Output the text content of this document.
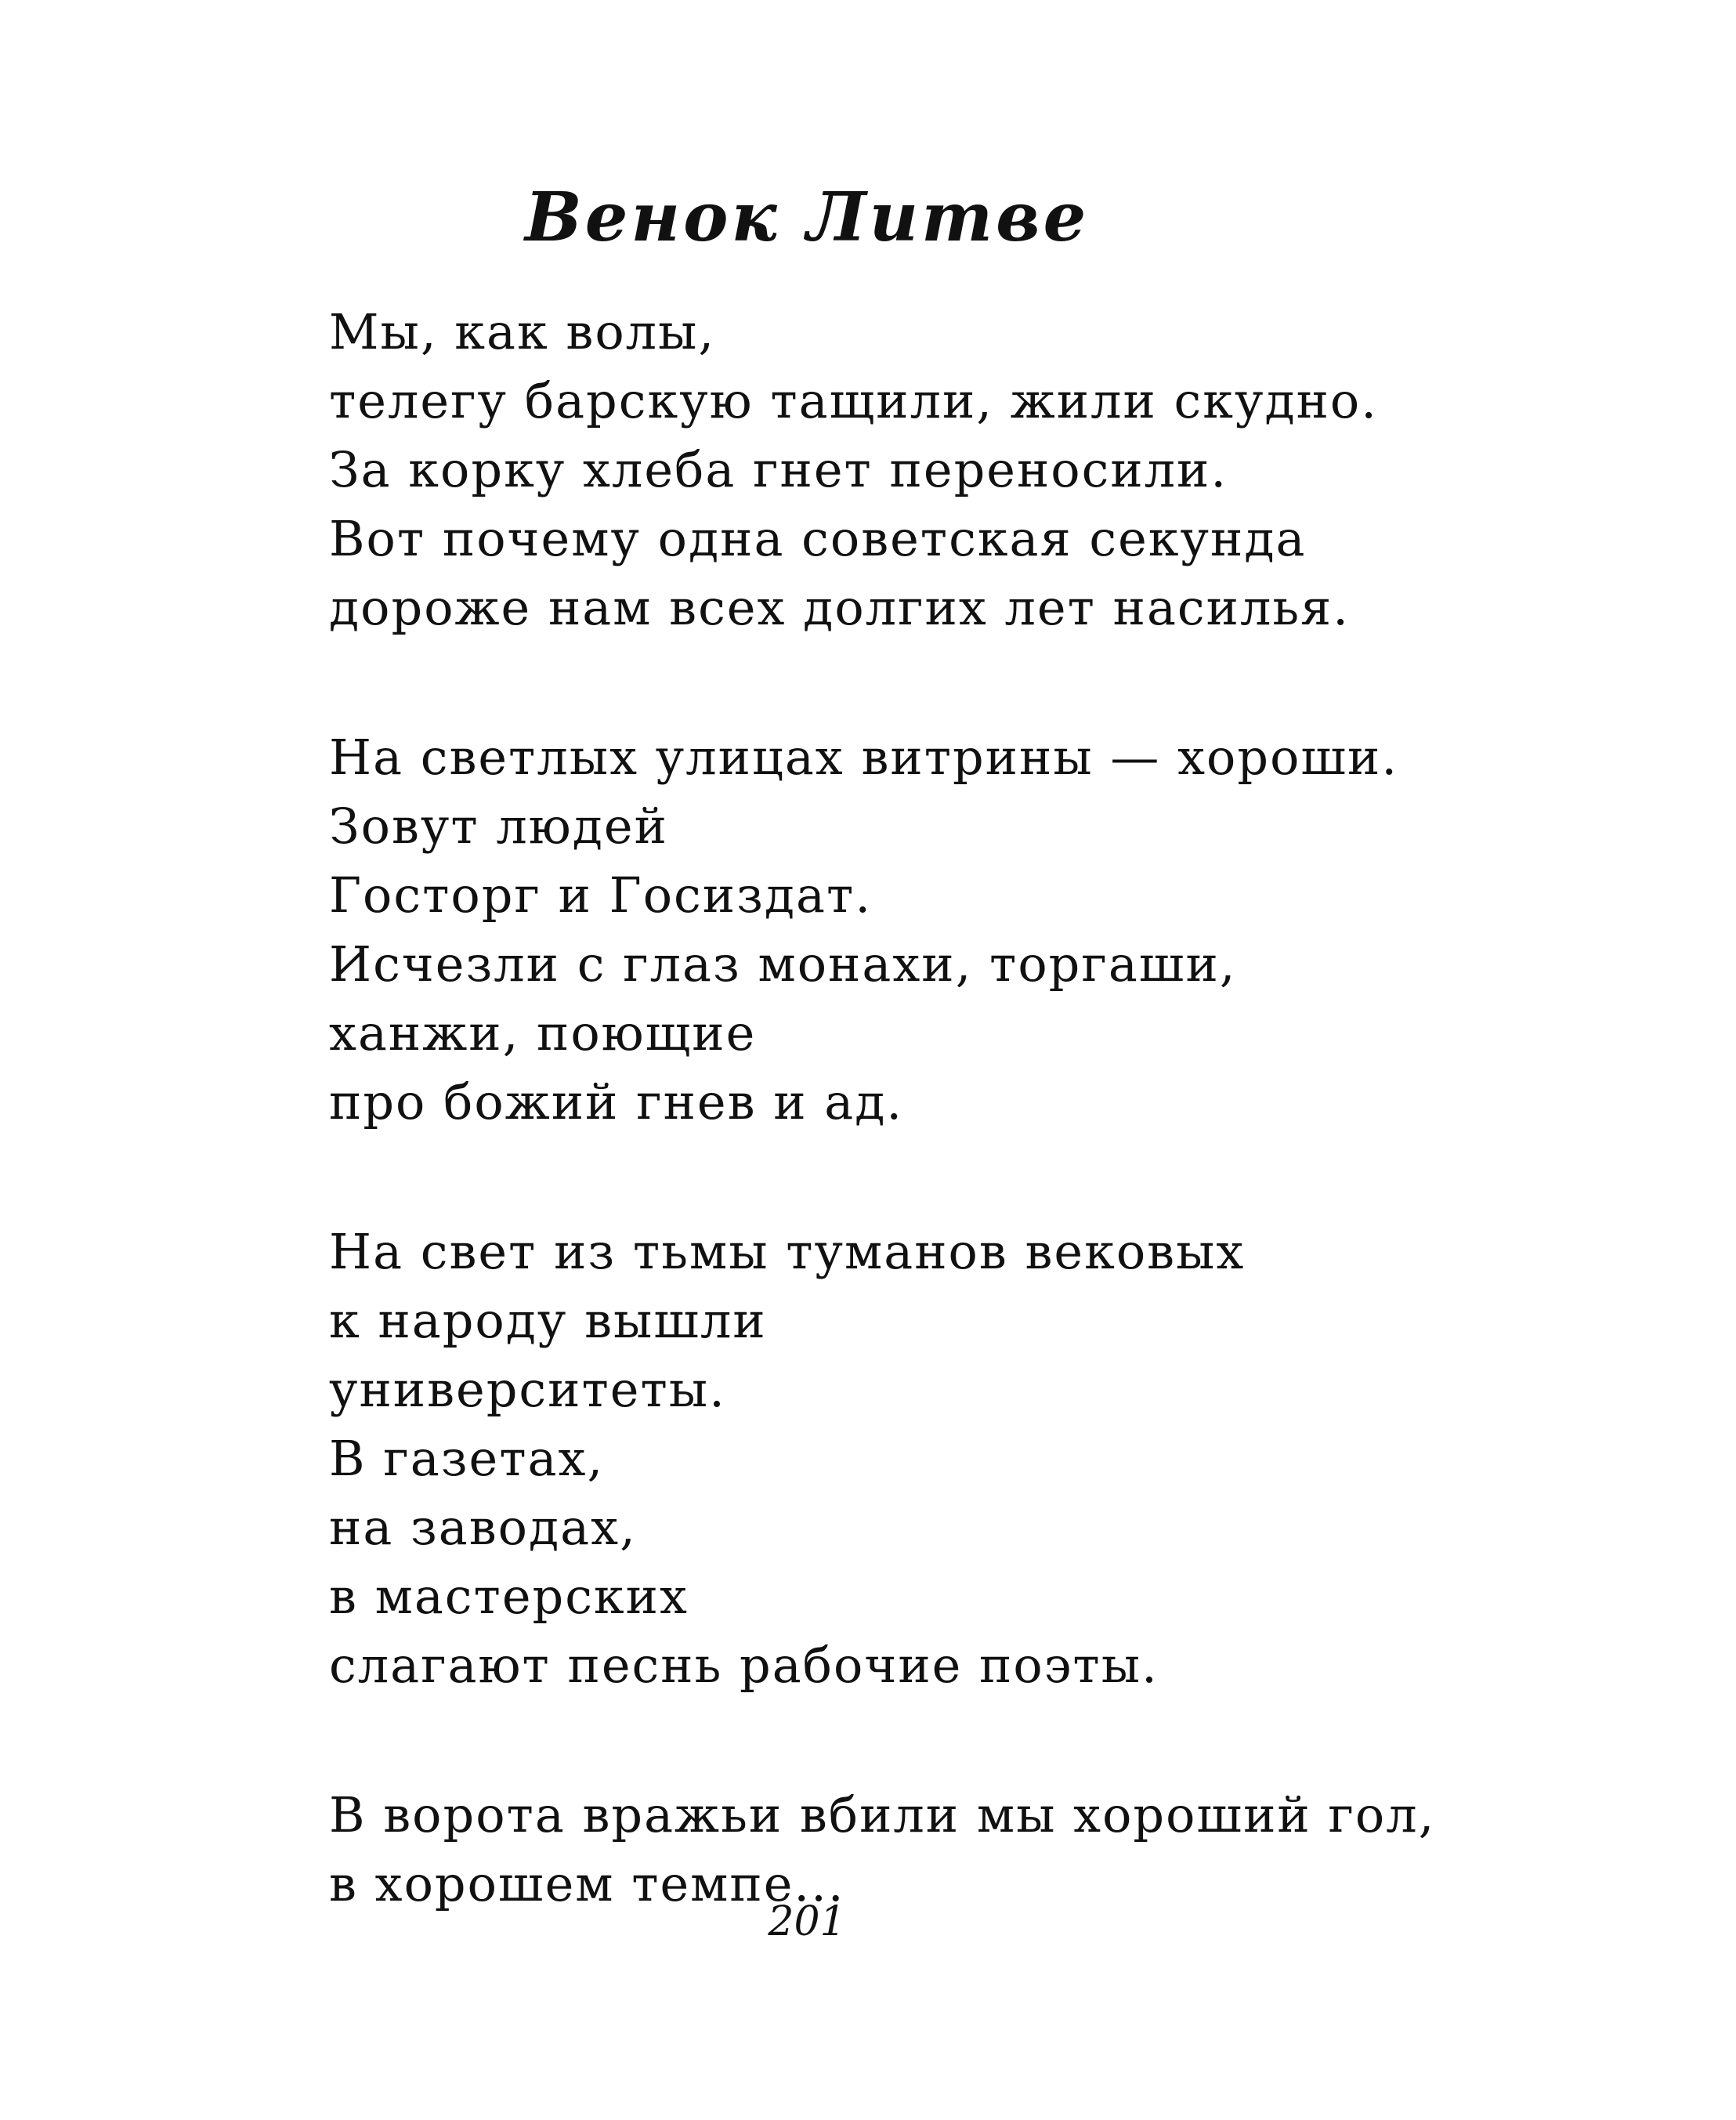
Венок Литве
Мы, как волы,
телегу барскую тащили, жили скудно.
За корку хлеба гнет переносили.
Вот почему одна советская секунда
дороже нам всех долгих лет насилья.
На светлых улицах витрины — хороши.
Зовут людей
Госторг и Госиздат.
Исчезли с глаз монахи, торгаши,
ханжи, поющие
про божий гнев и ад.
На свет из тьмы туманов вековых
к народу вышли
университеты.
В газетах,
на заводах,
в мастерских
слагают песнь рабочие поэты.
В ворота вражьи вбили мы хороший гол,
в хорошем темпе...
201
